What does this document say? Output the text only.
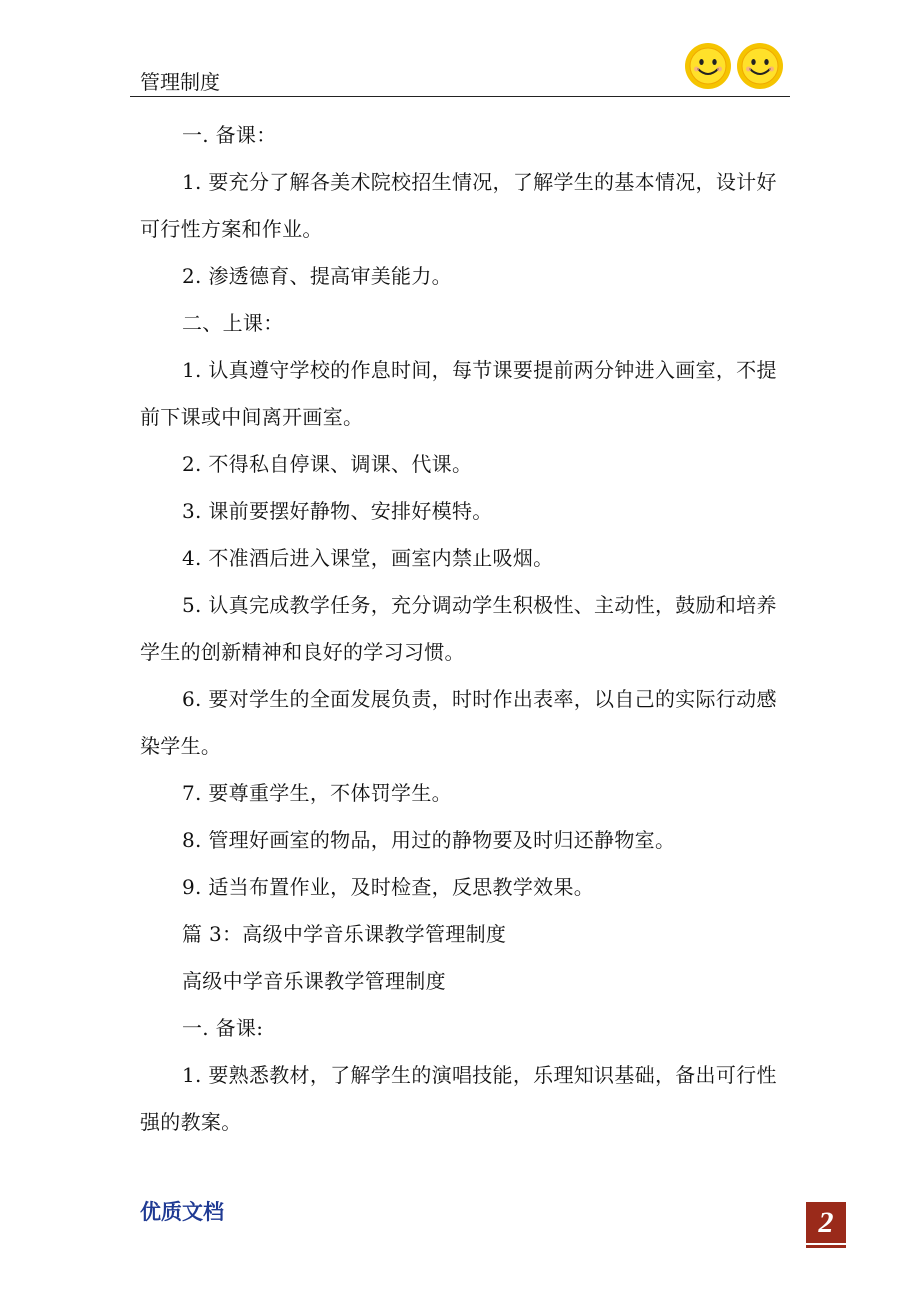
管理制度

一. 备课：

1. 要充分了解各美术院校招生情况，了解学生的基本情况，设计好可行性方案和作业。

2. 渗透德育、提高审美能力。

二、上课：

1. 认真遵守学校的作息时间，每节课要提前两分钟进入画室，不提前下课或中间离开画室。

2. 不得私自停课、调课、代课。

3. 课前要摆好静物、安排好模特。

4. 不准酒后进入课堂，画室内禁止吸烟。

5. 认真完成教学任务，充分调动学生积极性、主动性，鼓励和培养学生的创新精神和良好的学习习惯。

6. 要对学生的全面发展负责，时时作出表率，以自己的实际行动感染学生。

7. 要尊重学生，不体罚学生。

8. 管理好画室的物品，用过的静物要及时归还静物室。

9. 适当布置作业，及时检查，反思教学效果。

篇 3：高级中学音乐课教学管理制度

高级中学音乐课教学管理制度

一. 备课:

1. 要熟悉教材，了解学生的演唱技能，乐理知识基础，备出可行性强的教案。

优质文档	2
